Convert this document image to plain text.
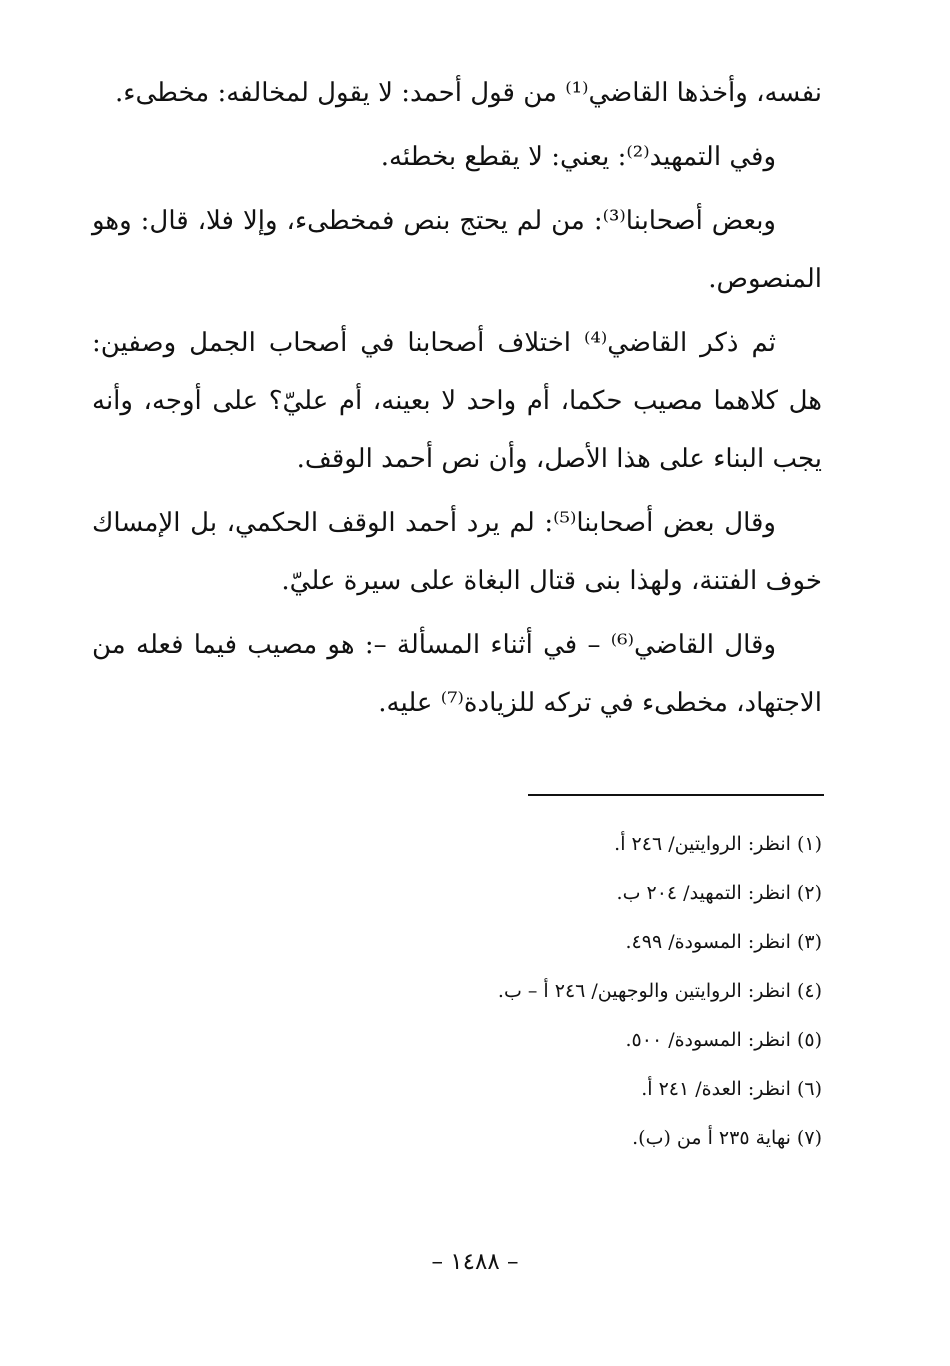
نفسه، وأخذها القاضي⁽¹⁾ من قول أحمد: لا يقول لمخالفه: مخطىء.

وفي التمهيد⁽²⁾: يعني: لا يقطع بخطئه.

وبعض أصحابنا⁽³⁾: من لم يحتج بنص فمخطىء، وإلا فلا، قال: وهو المنصوص.

ثم ذكر القاضي⁽⁴⁾ اختلاف أصحابنا في أصحاب الجمل وصفين: هل كلاهما مصيب حكما، أم واحد لا بعينه، أم عليّ؟ على أوجه، وأنه يجب البناء على هذا الأصل، وأن نص أحمد الوقف.

وقال بعض أصحابنا⁽⁵⁾: لم يرد أحمد الوقف الحكمي، بل الإمساك خوف الفتنة، ولهذا بنى قتال البغاة على سيرة عليّ.

وقال القاضي⁽⁶⁾ – في أثناء المسألة –: هو مصيب فيما فعله من الاجتهاد، مخطىء في تركه للزيادة⁽⁷⁾ عليه.

(١) انظر: الروايتين/ ٢٤٦ أ.

(٢) انظر: التمهيد/ ٢٠٤ ب.

(٣) انظر: المسودة/ ٤٩٩.

(٤) انظر: الروايتين والوجهين/ ٢٤٦ أ – ب.

(٥) انظر: المسودة/ ٥٠٠.

(٦) انظر: العدة/ ٢٤١ أ.

(٧) نهاية ٢٣٥ أ من (ب).

– ١٤٨٨ –
